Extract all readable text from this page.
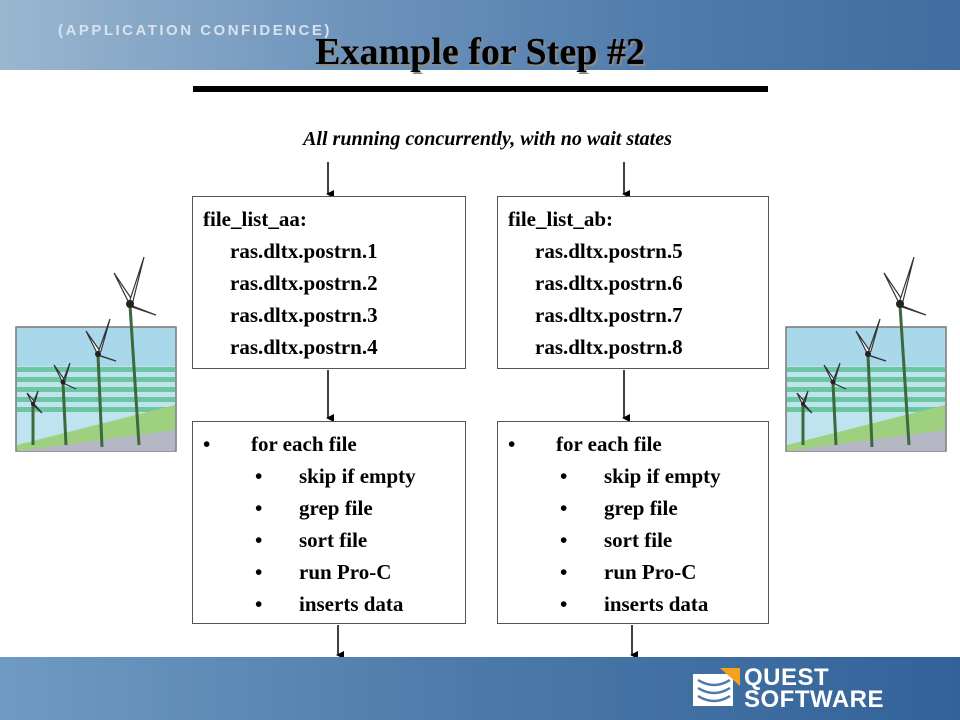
(APPLICATION CONFIDENCE)
Example for Step #2
All running concurrently, with no wait states
file_list_aa:
ras.dltx.postrn.1
ras.dltx.postrn.2
ras.dltx.postrn.3
ras.dltx.postrn.4
file_list_ab:
ras.dltx.postrn.5
ras.dltx.postrn.6
ras.dltx.postrn.7
ras.dltx.postrn.8
• for each file
• skip if empty
• grep file
• sort file
• run Pro-C
• inserts data
• for each file
• skip if empty
• grep file
• sort file
• run Pro-C
• inserts data
QUEST
SOFTWARE
